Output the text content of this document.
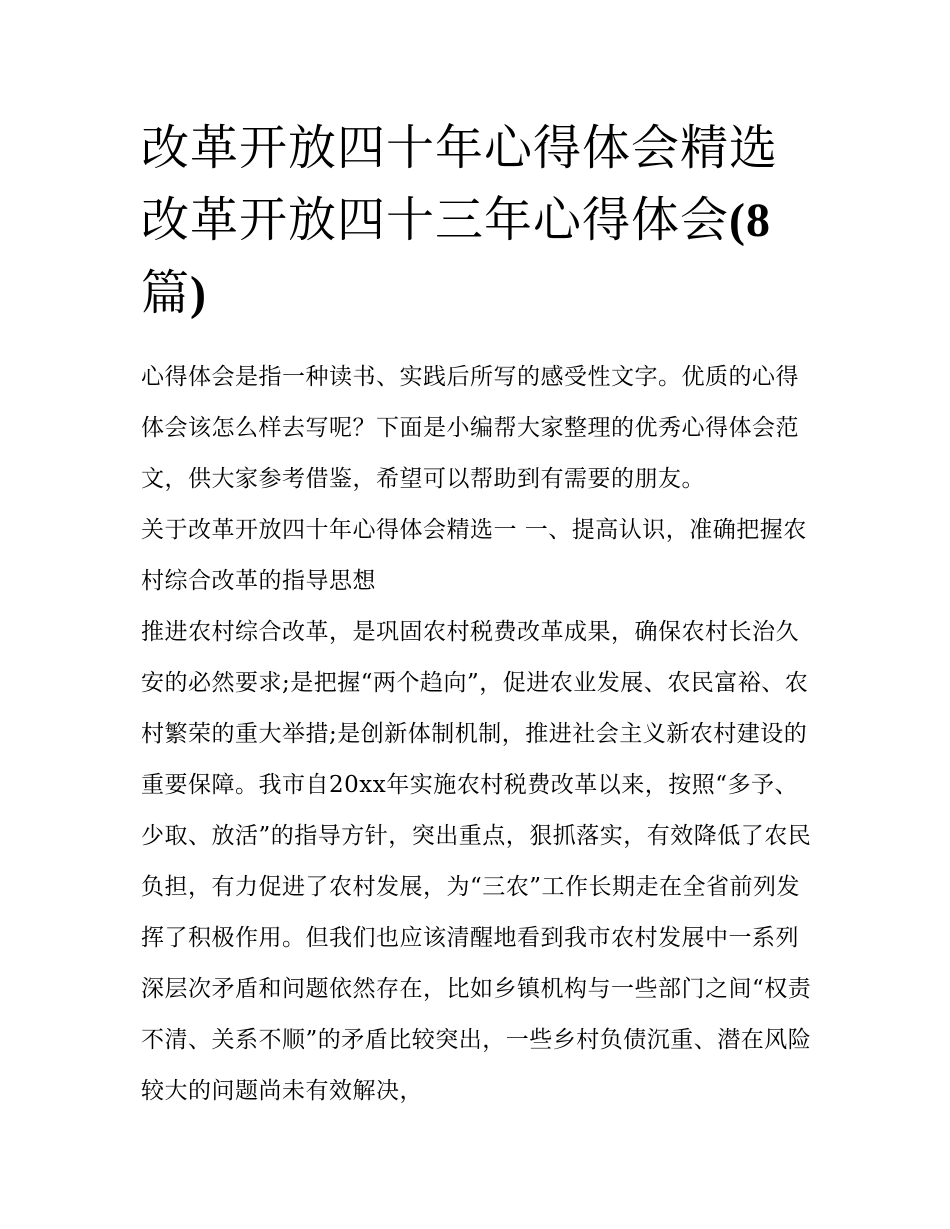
改革开放四十年心得体会精选改革开放四十三年心得体会(8篇)

心得体会是指一种读书、实践后所写的感受性文字。优质的心得体会该怎么样去写呢？下面是小编帮大家整理的优秀心得体会范文，供大家参考借鉴，希望可以帮助到有需要的朋友。

关于改革开放四十年心得体会精选一 一、提高认识，准确把握农村综合改革的指导思想

推进农村综合改革，是巩固农村税费改革成果，确保农村长治久安的必然要求;是把握“两个趋向”，促进农业发展、农民富裕、农村繁荣的重大举措;是创新体制机制，推进社会主义新农村建设的重要保障。我市自20xx年实施农村税费改革以来，按照“多予、少取、放活”的指导方针，突出重点，狠抓落实，有效降低了农民负担，有力促进了农村发展，为“三农”工作长期走在全省前列发挥了积极作用。但我们也应该清醒地看到我市农村发展中一系列深层次矛盾和问题依然存在，比如乡镇机构与一些部门之间“权责不清、关系不顺”的矛盾比较突出，一些乡村负债沉重、潜在风险较大的问题尚未有效解决，
